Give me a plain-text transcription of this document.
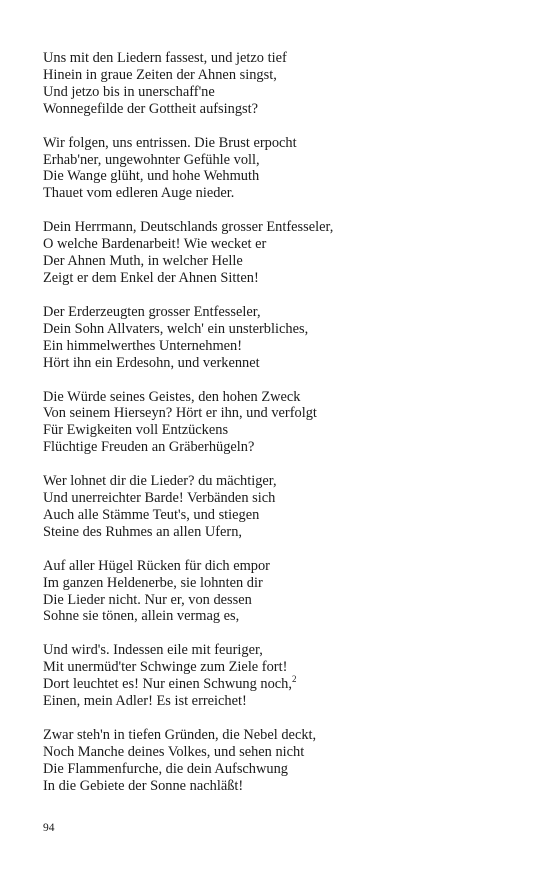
Uns mit den Liedern fassest, und jetzo tief
Hinein in graue Zeiten der Ahnen singst,
Und jetzo bis in unerschaff'ne
Wonnegefilde der Gottheit aufsingst?
Wir folgen, uns entrissen. Die Brust erpocht
Erhab'ner, ungewohnter Gefühle voll,
Die Wange glüht, und hohe Wehmuth
Thauet vom edleren Auge nieder.
Dein Herrmann, Deutschlands grosser Entfesseler,
O welche Bardenarbeit! Wie wecket er
Der Ahnen Muth, in welcher Helle
Zeigt er dem Enkel der Ahnen Sitten!
Der Erderzeugten grosser Entfesseler,
Dein Sohn Allvaters, welch' ein unsterbliches,
Ein himmelwerthes Unternehmen!
Hört ihn ein Erdesohn, und verkennet
Die Würde seines Geistes, den hohen Zweck
Von seinem Hierseyn? Hört er ihn, und verfolgt
Für Ewigkeiten voll Entzückens
Flüchtige Freuden an Gräberhügeln?
Wer lohnet dir die Lieder? du mächtiger,
Und unerreichter Barde! Verbänden sich
Auch alle Stämme Teut's, und stiegen
Steine des Ruhmes an allen Ufern,
Auf aller Hügel Rücken für dich empor
Im ganzen Heldenerbe, sie lohnten dir
Die Lieder nicht. Nur er, von dessen
Sohne sie tönen, allein vermag es,
Und wird's. Indessen eile mit feuriger,
Mit unermüd'ter Schwinge zum Ziele fort!
Dort leuchtet es! Nur einen Schwung noch,$^2$
Einen, mein Adler! Es ist erreichet!
Zwar steh'n in tiefen Gründen, die Nebel deckt,
Noch Manche deines Volkes, und sehen nicht
Die Flammenfurche, die dein Aufschwung
In die Gebiete der Sonne nachläßt!
94
